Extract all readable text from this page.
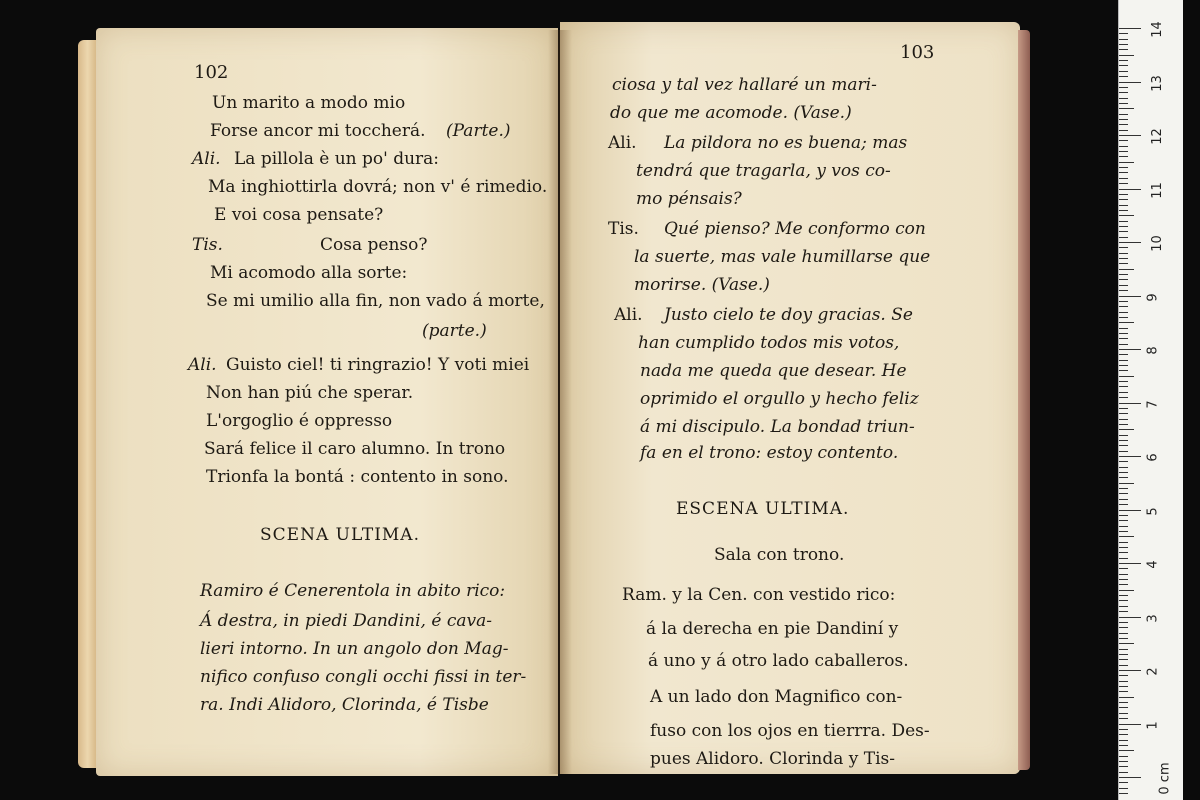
102
Un marito a modo mio
Forse ancor mi toccherá. (Parte.)
Ali. La pillola è un po' dura:
Ma inghiottirla dovrá; non v' é rimedio.
E voi cosa pensate?
Tis.	Cosa penso?
Mi acomodo alla sorte:
Se mi umilio alla fin, non vado á morte,
(parte.)
Ali. Guisto ciel! ti ringrazio! Y voti miei
Non han piú che sperar.
L'orgoglio é oppresso
Sará felice il caro alumno. In trono
Trionfa la bontá : contento in sono.
SCENA ULTIMA.
Ramiro é Cenerentola in abito rico:
Á destra, in piedi Dandini, é cava-
lieri intorno. In un angolo don Mag-
nifico confuso congli occhi fissi in ter-
ra. Indi Alidoro, Clorinda, é Tisbe
103
ciosa y tal vez hallaré un mari-
do que me acomode. (Vase.)
Ali. La pildora no es buena; mas
tendrá que tragarla, y vos co-
mo pénsais?
Tis. Qué pienso? Me conformo con
la suerte, mas vale humillarse que
morirse. (Vase.)
Ali. Justo cielo te doy gracias. Se
han cumplido todos mis votos,
nada me queda que desear. He
oprimido el orgullo y hecho feliz
á mi discipulo. La bondad triun-
fa en el trono: estoy contento.
ESCENA ULTIMA.
Sala con trono.
Ram. y la Cen. con vestido rico:
á la derecha en pie Dandiní y
á uno y á otro lado caballeros.
A un lado don Magnifico con-
fuso con los ojos en tierrra. Des-
pues Alidoro. Clorinda y Tis-
14
13
12
11
10
9
8
7
6
5
4
3
2
1
0 cm
